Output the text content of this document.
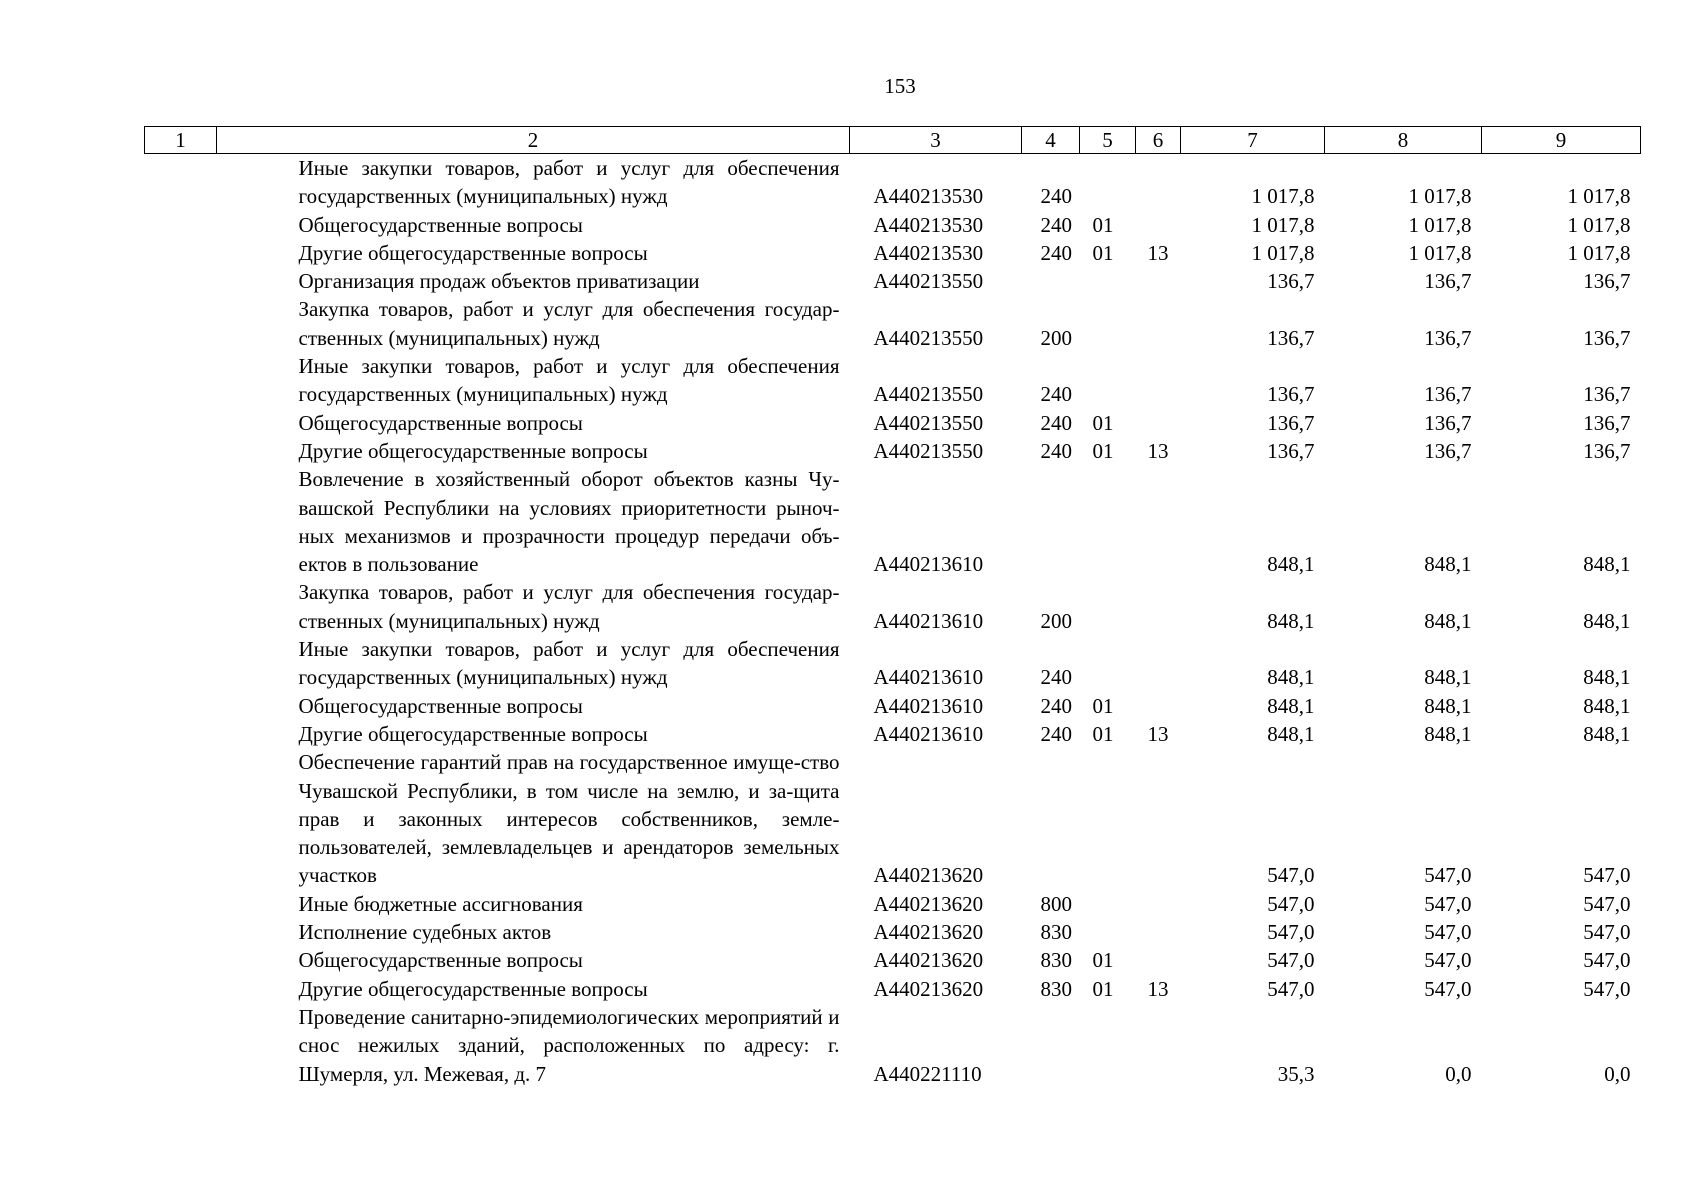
153
1	2	3	4	5	6	7	8	9
	Иные закупки товаров, работ и услуг для обеспечения государственных (муниципальных) нужд	А440213530	240			1 017,8	1 017,8	1 017,8
	Общегосударственные вопросы	А440213530	240	01		1 017,8	1 017,8	1 017,8
	Другие общегосударственные вопросы	А440213530	240	01	13	1 017,8	1 017,8	1 017,8
	Организация продаж объектов приватизации	А440213550				136,7	136,7	136,7
	Закупка товаров, работ и услуг для обеспечения государ-ственных (муниципальных) нужд	А440213550	200			136,7	136,7	136,7
	Иные закупки товаров, работ и услуг для обеспечения государственных (муниципальных) нужд	А440213550	240			136,7	136,7	136,7
	Общегосударственные вопросы	А440213550	240	01		136,7	136,7	136,7
	Другие общегосударственные вопросы	А440213550	240	01	13	136,7	136,7	136,7
	Вовлечение в хозяйственный оборот объектов казны Чу-вашской Республики на условиях приоритетности рыноч-ных механизмов и прозрачности процедур передачи объ-ектов в пользование	А440213610				848,1	848,1	848,1
	Закупка товаров, работ и услуг для обеспечения государ-ственных (муниципальных) нужд	А440213610	200			848,1	848,1	848,1
	Иные закупки товаров, работ и услуг для обеспечения государственных (муниципальных) нужд	А440213610	240			848,1	848,1	848,1
	Общегосударственные вопросы	А440213610	240	01		848,1	848,1	848,1
	Другие общегосударственные вопросы	А440213610	240	01	13	848,1	848,1	848,1
	Обеспечение гарантий прав на государственное имуще-ство Чувашской Республики, в том числе на землю, и за-щита прав и законных интересов собственников, земле-пользователей, землевладельцев и арендаторов земельных участков	А440213620				547,0	547,0	547,0
	Иные бюджетные ассигнования	А440213620	800			547,0	547,0	547,0
	Исполнение судебных актов	А440213620	830			547,0	547,0	547,0
	Общегосударственные вопросы	А440213620	830	01		547,0	547,0	547,0
	Другие общегосударственные вопросы	А440213620	830	01	13	547,0	547,0	547,0
	Проведение санитарно-эпидемиологических мероприятий и снос нежилых зданий, расположенных по адресу: г. Шумерля, ул. Межевая, д. 7	А440221110				35,3	0,0	0,0
